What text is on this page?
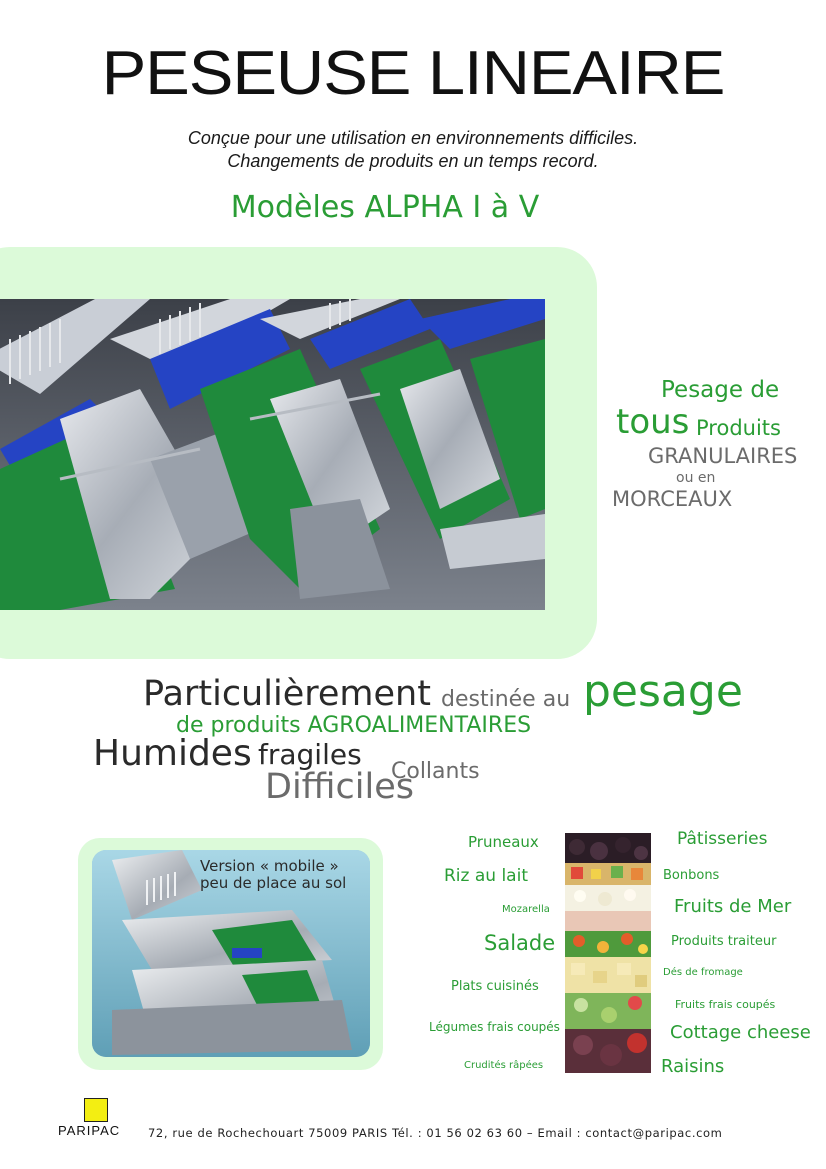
PESEUSE LINEAIRE
Conçue pour une utilisation en environnements difficiles.
Changements de produits en un temps record.
Modèles ALPHA I à V
Pesage de
tous Produits
GRANULAIRES
ou en
MORCEAUX
Particulièrement destinée au pesage
de produits AGROALIMENTAIRES
Humides fragiles
Collants
Difficiles
Version « mobile »
peu de place au sol
Pruneaux
Riz au lait
Mozarella
Salade
Plats cuisinés
Légumes frais coupés
Crudités râpées
Pâtisseries
Bonbons
Fruits de Mer
Produits traiteur
Dés de fromage
Fruits frais coupés
Cottage cheese
Raisins
PARIPAC 72, rue de Rochechouart 75009 PARIS Tél. : 01 56 02 63 60 – Email : contact@paripac.com
